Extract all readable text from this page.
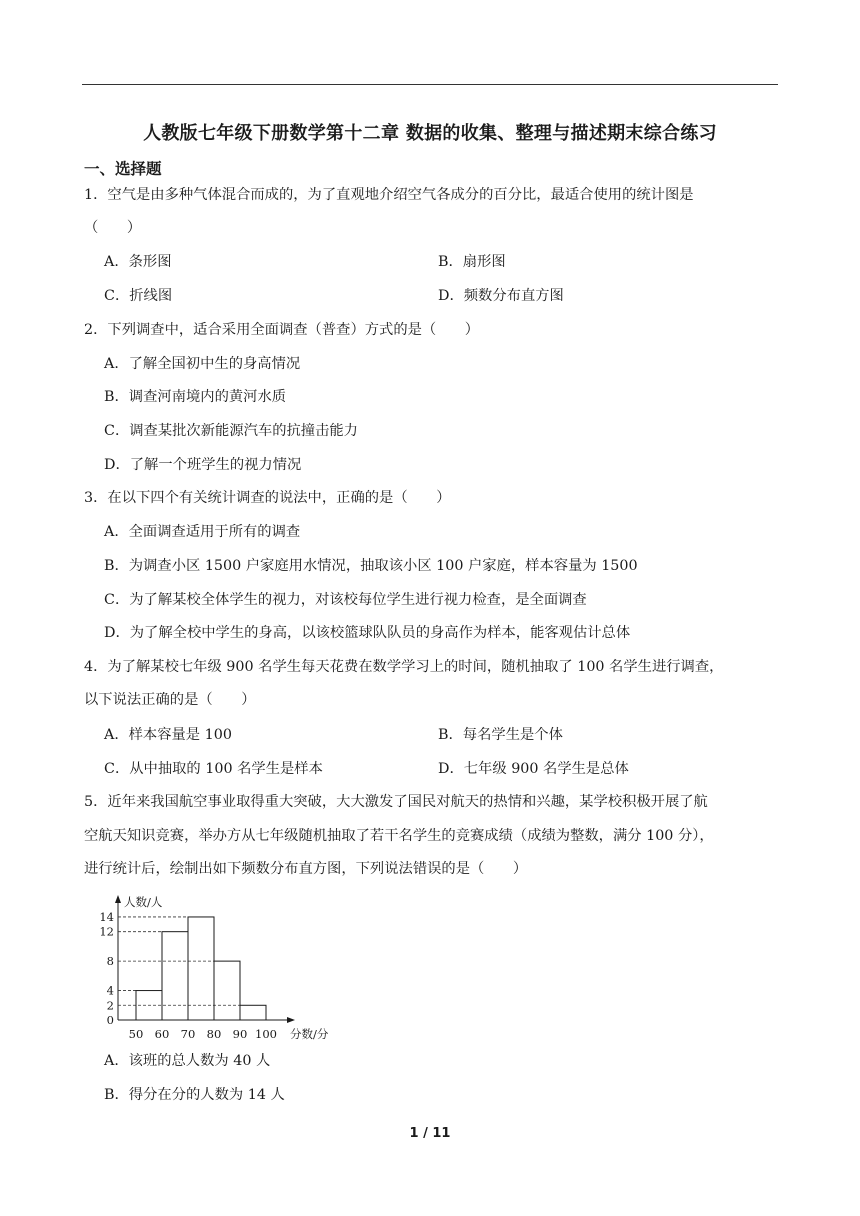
人教版七年级下册数学第十二章 数据的收集、整理与描述期末综合练习
一、选择题
1．空气是由多种气体混合而成的，为了直观地介绍空气各成分的百分比，最适合使用的统计图是
（　　）
A．条形图	B．扇形图
C．折线图	D．频数分布直方图
2．下列调查中，适合采用全面调查（普查）方式的是（　　）
A．了解全国初中生的身高情况
B．调查河南境内的黄河水质
C．调查某批次新能源汽车的抗撞击能力
D．了解一个班学生的视力情况
3．在以下四个有关统计调查的说法中，正确的是（　　）
A．全面调查适用于所有的调查
B．为调查小区 1500 户家庭用水情况，抽取该小区 100 户家庭，样本容量为 1500
C．为了解某校全体学生的视力，对该校每位学生进行视力检查，是全面调查
D．为了解全校中学生的身高，以该校篮球队队员的身高作为样本，能客观估计总体
4．为了解某校七年级 900 名学生每天花费在数学学习上的时间，随机抽取了 100 名学生进行调查，
以下说法正确的是（　　）
A．样本容量是 100	B．每名学生是个体
C．从中抽取的 100 名学生是样本	D．七年级 900 名学生是总体
5．近年来我国航空事业取得重大突破，大大激发了国民对航天的热情和兴趣，某学校积极开展了航
空航天知识竞赛，举办方从七年级随机抽取了若干名学生的竞赛成绩（成绩为整数，满分 100 分），
进行统计后，绘制出如下频数分布直方图，下列说法错误的是（　　）
人数/人
分数/分
14
12
8
4
2
0
50 60 70 80 90 100
A．该班的总人数为 40 人
B．得分在分的人数为 14 人
1 / 11
